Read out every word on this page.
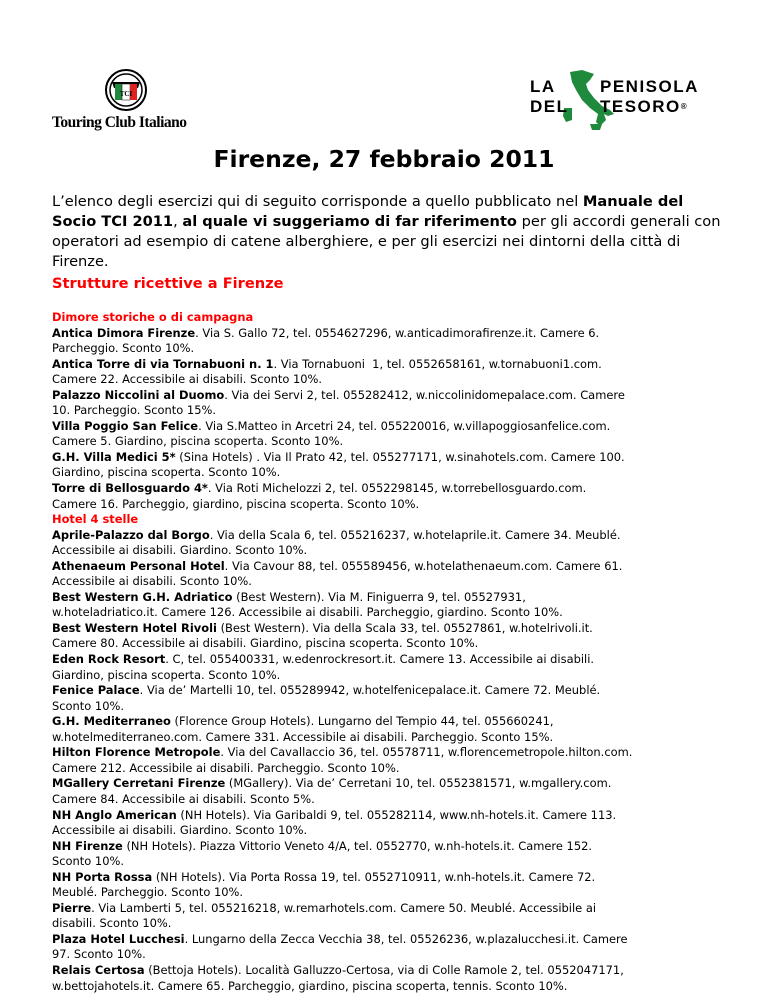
TCI
Touring Club Italiano
LA	PENISOLA
DEL TESORO®
Firenze, 27 febbraio 2011
L’elenco degli esercizi qui di seguito corrisponde a quello pubblicato nel Manuale del Socio TCI 2011, al quale vi suggeriamo di far riferimento per gli accordi generali con operatori ad esempio di catene alberghiere, e per gli esercizi nei dintorni della città di Firenze.
Strutture ricettive a Firenze
Dimore storiche o di campagna
Antica Dimora Firenze. Via S. Gallo 72, tel. 0554627296, w.anticadimorafirenze.it. Camere 6.
Parcheggio. Sconto 10%.
Antica Torre di via Tornabuoni n. 1. Via Tornabuoni  1, tel. 0552658161, w.tornabuoni1.com.
Camere 22. Accessibile ai disabili. Sconto 10%.
Palazzo Niccolini al Duomo. Via dei Servi 2, tel. 055282412, w.niccolinidomepalace.com. Camere
10. Parcheggio. Sconto 15%.
Villa Poggio San Felice. Via S.Matteo in Arcetri 24, tel. 055220016, w.villapoggiosanfelice.com.
Camere 5. Giardino, piscina scoperta. Sconto 10%.
G.H. Villa Medici 5* (Sina Hotels) . Via Il Prato 42, tel. 055277171, w.sinahotels.com. Camere 100.
Giardino, piscina scoperta. Sconto 10%.
Torre di Bellosguardo 4*. Via Roti Michelozzi 2, tel. 0552298145, w.torrebellosguardo.com.
Camere 16. Parcheggio, giardino, piscina scoperta. Sconto 10%.
Hotel 4 stelle
Aprile-Palazzo dal Borgo. Via della Scala 6, tel. 055216237, w.hotelaprile.it. Camere 34. Meublé.
Accessibile ai disabili. Giardino. Sconto 10%.
Athenaeum Personal Hotel. Via Cavour 88, tel. 055589456, w.hotelathenaeum.com. Camere 61.
Accessibile ai disabili. Sconto 10%.
Best Western G.H. Adriatico (Best Western). Via M. Finiguerra 9, tel. 05527931,
w.hoteladriatico.it. Camere 126. Accessibile ai disabili. Parcheggio, giardino. Sconto 10%.
Best Western Hotel Rivoli (Best Western). Via della Scala 33, tel. 05527861, w.hotelrivoli.it.
Camere 80. Accessibile ai disabili. Giardino, piscina scoperta. Sconto 10%.
Eden Rock Resort. C, tel. 055400331, w.edenrockresort.it. Camere 13. Accessibile ai disabili.
Giardino, piscina scoperta. Sconto 10%.
Fenice Palace. Via de’ Martelli 10, tel. 055289942, w.hotelfenicepalace.it. Camere 72. Meublé.
Sconto 10%.
G.H. Mediterraneo (Florence Group Hotels). Lungarno del Tempio 44, tel. 055660241,
w.hotelmediterraneo.com. Camere 331. Accessibile ai disabili. Parcheggio. Sconto 15%.
Hilton Florence Metropole. Via del Cavallaccio 36, tel. 05578711, w.florencemetropole.hilton.com.
Camere 212. Accessibile ai disabili. Parcheggio. Sconto 10%.
MGallery Cerretani Firenze (MGallery). Via de’ Cerretani 10, tel. 0552381571, w.mgallery.com.
Camere 84. Accessibile ai disabili. Sconto 5%.
NH Anglo American (NH Hotels). Via Garibaldi 9, tel. 055282114, www.nh-hotels.it. Camere 113.
Accessibile ai disabili. Giardino. Sconto 10%.
NH Firenze (NH Hotels). Piazza Vittorio Veneto 4/A, tel. 0552770, w.nh-hotels.it. Camere 152.
Sconto 10%.
NH Porta Rossa (NH Hotels). Via Porta Rossa 19, tel. 0552710911, w.nh-hotels.it. Camere 72.
Meublé. Parcheggio. Sconto 10%.
Pierre. Via Lamberti 5, tel. 055216218, w.remarhotels.com. Camere 50. Meublé. Accessibile ai
disabili. Sconto 10%.
Plaza Hotel Lucchesi. Lungarno della Zecca Vecchia 38, tel. 05526236, w.plazalucchesi.it. Camere
97. Sconto 10%.
Relais Certosa (Bettoja Hotels). Località Galluzzo-Certosa, via di Colle Ramole 2, tel. 0552047171,
w.bettojahotels.it. Camere 65. Parcheggio, giardino, piscina scoperta, tennis. Sconto 10%.
